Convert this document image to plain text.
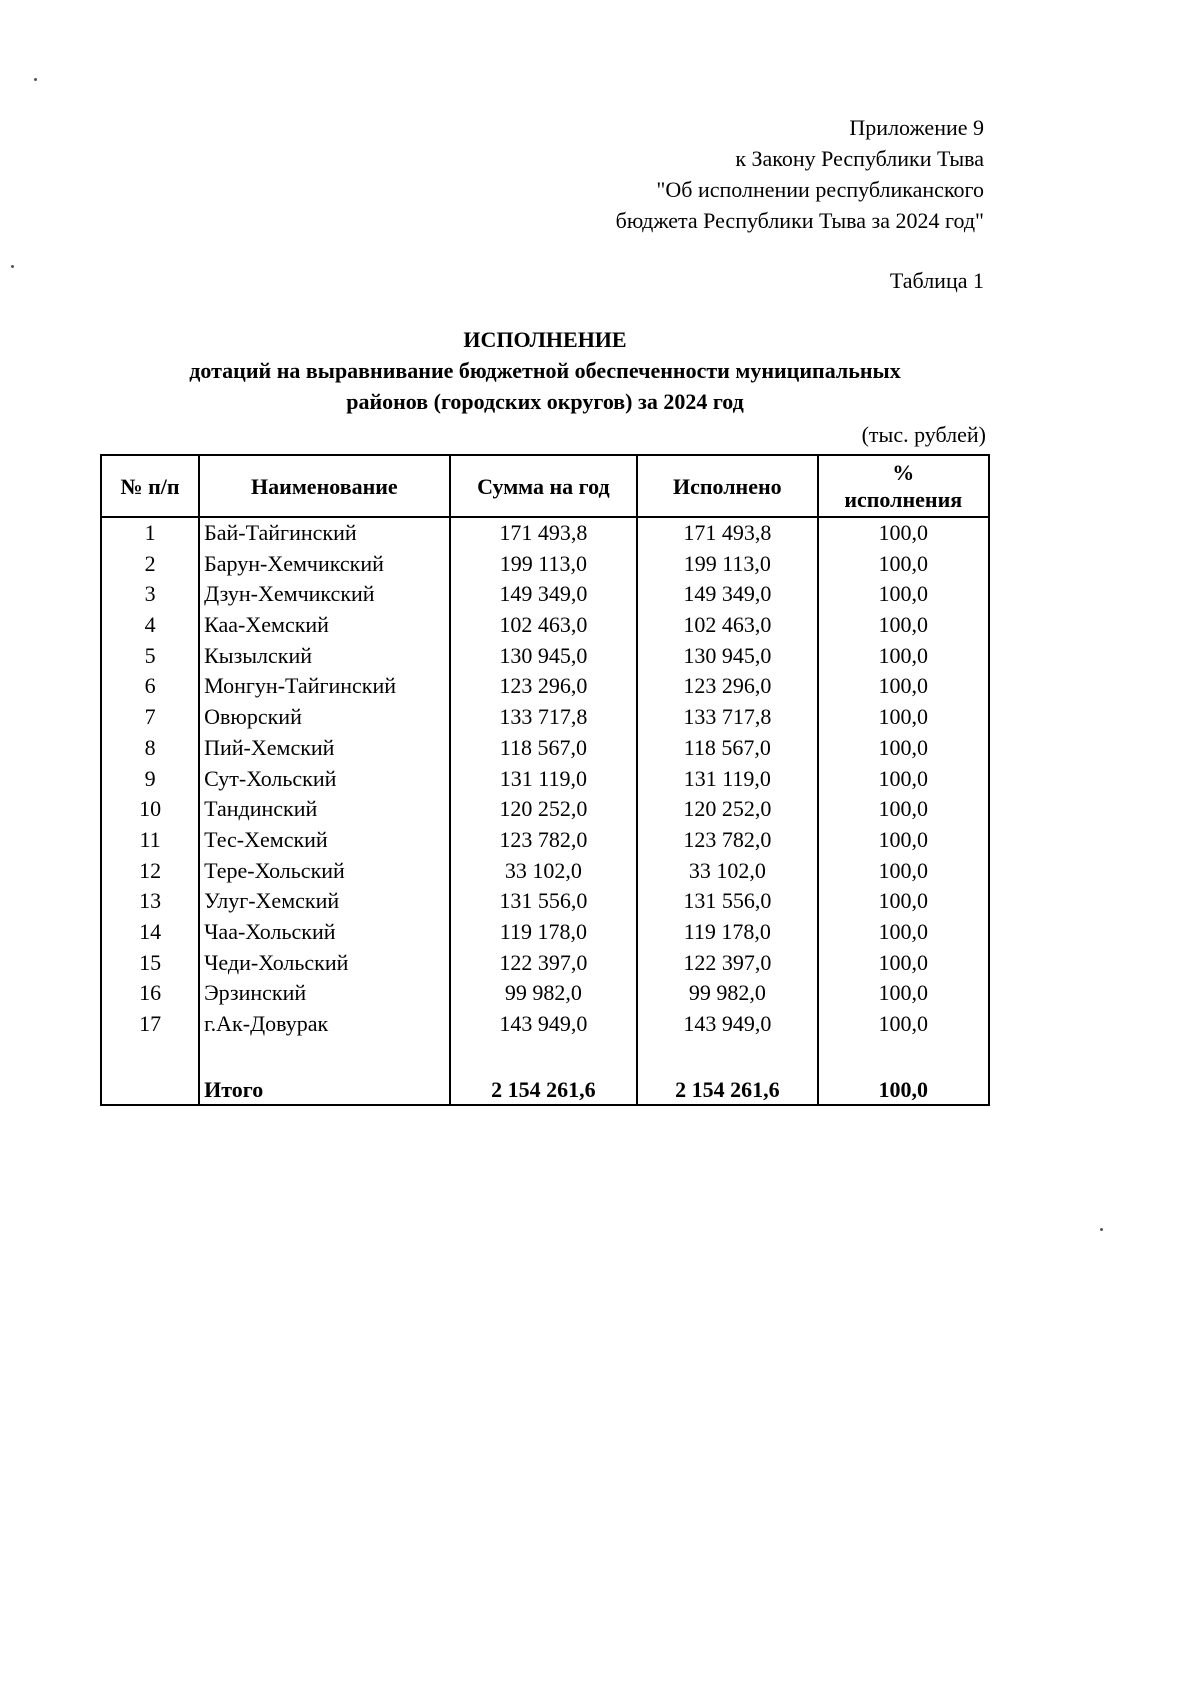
Приложение 9
к Закону Республики Тыва
"Об исполнении республиканского
бюджета Республики Тыва за 2024 год"
Таблица 1
ИСПОЛНЕНИЕ
дотаций на выравнивание бюджетной обеспеченности муниципальных
районов (городских округов) за 2024 год
(тыс. рублей)
№ п/п	Наименование	Сумма на год	Исполнено	%
исполнения

1	Бай-Тайгинский	171 493,8	171 493,8	100,0
2	Барун-Хемчикский	199 113,0	199 113,0	100,0
3	Дзун-Хемчикский	149 349,0	149 349,0	100,0
4	Каа-Хемский	102 463,0	102 463,0	100,0
5	Кызылский	130 945,0	130 945,0	100,0
6	Монгун-Тайгинский	123 296,0	123 296,0	100,0
7	Овюрский	133 717,8	133 717,8	100,0
8	Пий-Хемский	118 567,0	118 567,0	100,0
9	Сут-Хольский	131 119,0	131 119,0	100,0
10	Тандинский	120 252,0	120 252,0	100,0
11	Тес-Хемский	123 782,0	123 782,0	100,0
12	Тере-Хольский	33 102,0	33 102,0	100,0
13	Улуг-Хемский	131 556,0	131 556,0	100,0
14	Чаа-Хольский	119 178,0	119 178,0	100,0
15	Чеди-Хольский	122 397,0	122 397,0	100,0
16	Эрзинский	99 982,0	99 982,0	100,0
17	г.Ак-Довурак	143 949,0	143 949,0	100,0

	Итого	2 154 261,6	2 154 261,6	100,0
